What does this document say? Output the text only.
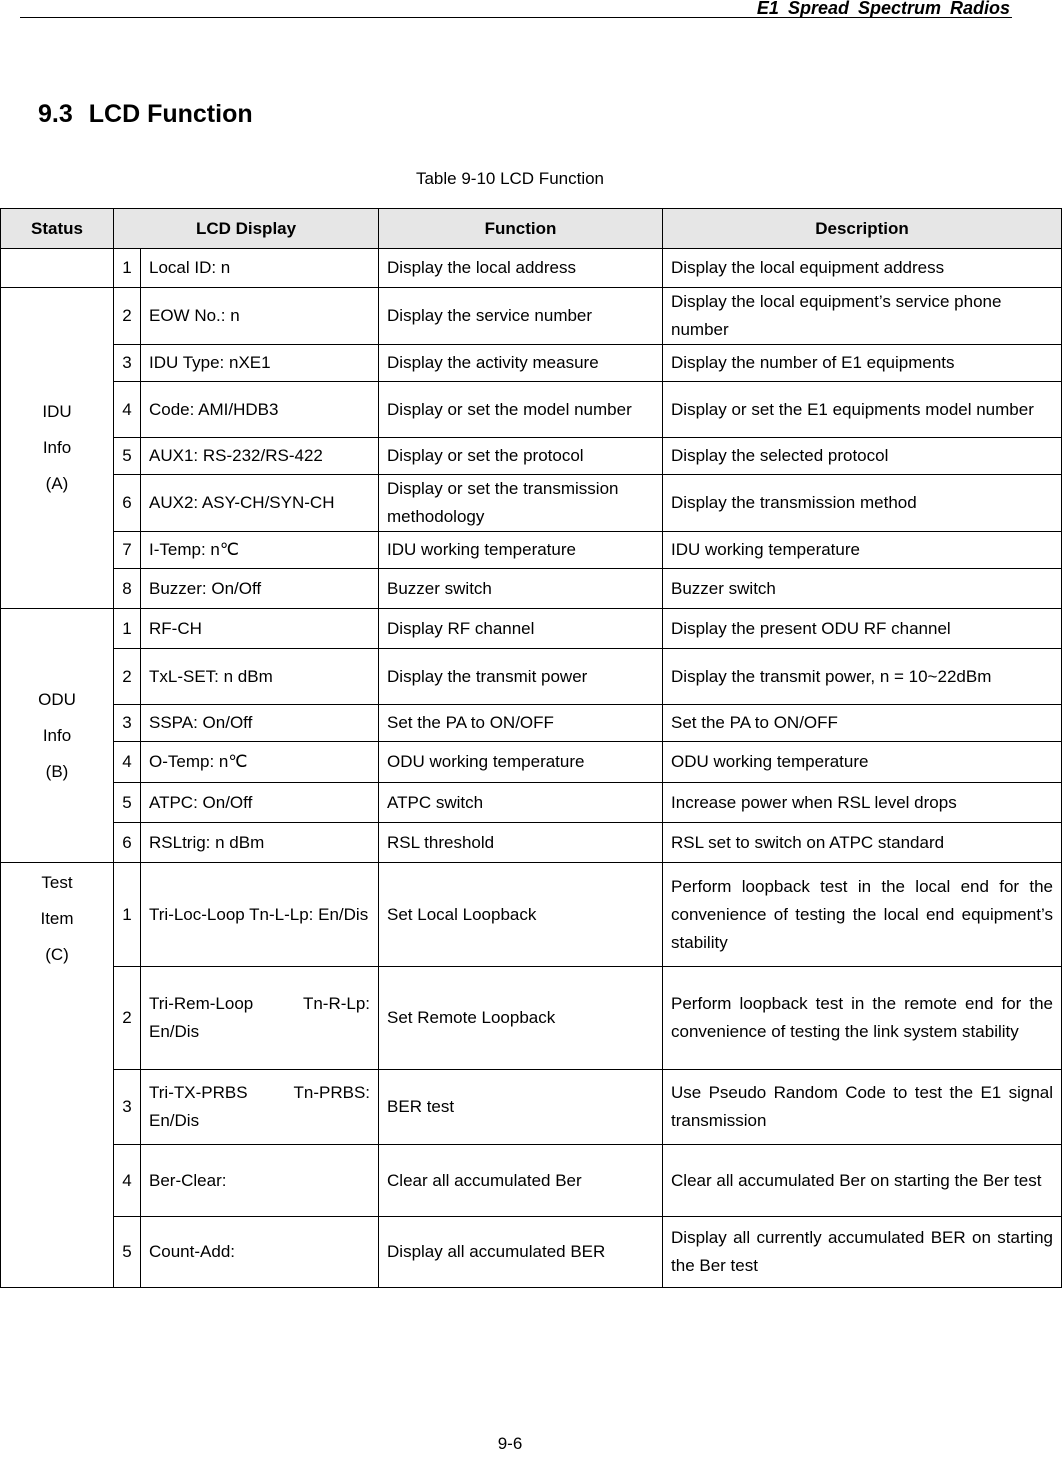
E1 Spread Spectrum Radios
9.3 LCD Function
Table 9-10 LCD Function
Status	LCD Display		Function	Description
	1	Local ID: n	Display the local address	Display the local equipment address

IDU
Info
(A)	2	EOW No.: n	Display the service number	Display the local equipment’s service phone number
	3	IDU Type: nXE1	Display the activity measure	Display the number of E1 equipments
	4	Code: AMI/HDB3	Display or set the model number	Display or set the E1 equipments model number
	5	AUX1: RS-232/RS-422	Display or set the protocol	Display the selected protocol
	6	AUX2: ASY-CH/SYN-CH	Display or set the transmission methodology	Display the transmission method
	7	I-Temp: n℃	IDU working temperature	IDU working temperature
	8	Buzzer: On/Off	Buzzer switch	Buzzer switch

ODU
Info
(B)	1	RF-CH	Display RF channel	Display the present ODU RF channel
	2	TxL-SET: n dBm	Display the transmit power	Display the transmit power, n = 10~22dBm
	3	SSPA: On/Off	Set the PA to ON/OFF	Set the PA to ON/OFF
	4	O-Temp: n℃	ODU working temperature	ODU working temperature
	5	ATPC: On/Off	ATPC switch	Increase power when RSL level drops
	6	RSLtrig: n dBm	RSL threshold	RSL set to switch on ATPC standard

Test
Item
(C)	1	Tri-Loc-Loop Tn-L-Lp: En/Dis	Set Local Loopback	Perform loopback test in the local end for the convenience of testing the local end equipment’s stability
	2	Tri-Rem-Loop Tn-R-Lp: En/Dis	Set Remote Loopback	Perform loopback test in the remote end for the convenience of testing the link system stability
	3	Tri-TX-PRBS Tn-PRBS: En/Dis	BER test	Use Pseudo Random Code to test the E1 signal transmission
	4	Ber-Clear:	Clear all accumulated Ber	Clear all accumulated Ber on starting the Ber test
	5	Count-Add:	Display all accumulated BER	Display all currently accumulated BER on starting the Ber test
9-6
